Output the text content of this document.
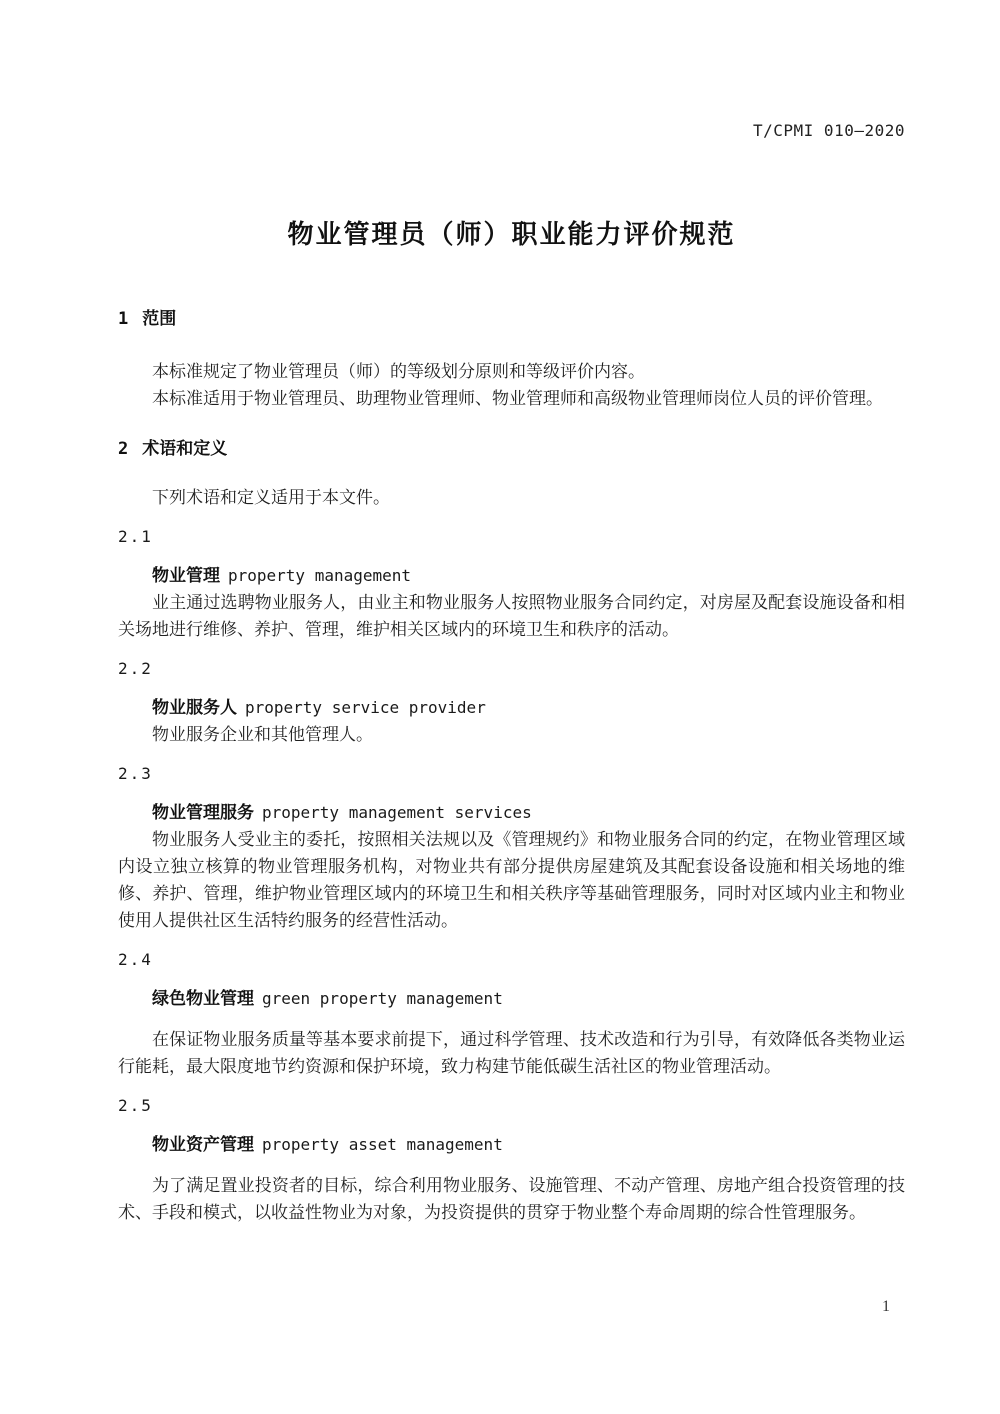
T/CPMI 010—2020
物业管理员（师）职业能力评价规范
1 范围

本标准规定了物业管理员（师）的等级划分原则和等级评价内容。

本标准适用于物业管理员、助理物业管理师、物业管理师和高级物业管理师岗位人员的评价管理。

2 术语和定义

下列术语和定义适用于本文件。

2.1
物业管理 property management

业主通过选聘物业服务人，由业主和物业服务人按照物业服务合同约定，对房屋及配套设施设备和相关场地进行维修、养护、管理，维护相关区域内的环境卫生和秩序的活动。

2.2
物业服务人 property service provider

物业服务企业和其他管理人。

2.3
物业管理服务 property management services

物业服务人受业主的委托，按照相关法规以及《管理规约》和物业服务合同的约定，在物业管理区域内设立独立核算的物业管理服务机构，对物业共有部分提供房屋建筑及其配套设备设施和相关场地的维修、养护、管理，维护物业管理区域内的环境卫生和相关秩序等基础管理服务，同时对区域内业主和物业使用人提供社区生活特约服务的经营性活动。

2.4
绿色物业管理 green property management

在保证物业服务质量等基本要求前提下，通过科学管理、技术改造和行为引导，有效降低各类物业运行能耗，最大限度地节约资源和保护环境，致力构建节能低碳生活社区的物业管理活动。

2.5
物业资产管理 property asset management

为了满足置业投资者的目标，综合利用物业服务、设施管理、不动产管理、房地产组合投资管理的技术、手段和模式，以收益性物业为对象，为投资提供的贯穿于物业整个寿命周期的综合性管理服务。

1
